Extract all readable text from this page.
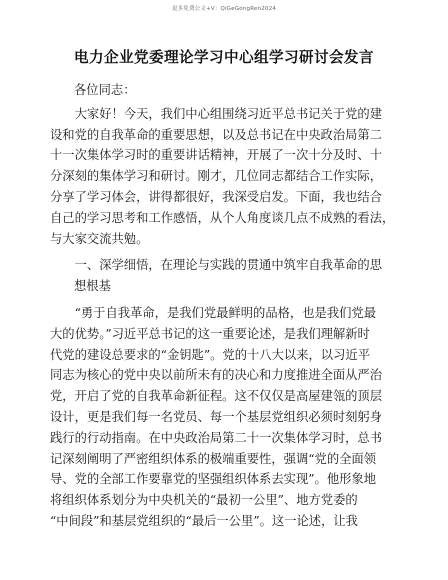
更多免费公文+V：QiGeGongRen2024
电力企业党委理论学习中心组学习研讨会发言
各位同志：
　　大家好！今天，我们中心组围绕习近平总书记关于党的建
设和党的自我革命的重要思想，以及总书记在中央政治局第二
十一次集体学习时的重要讲话精神，开展了一次十分及时、十
分深刻的集体学习和研讨。刚才，几位同志都结合工作实际，
分享了学习体会，讲得都很好，我深受启发。下面，我也结合
自己的学习思考和工作感悟，从个人角度谈几点不成熟的看法，
与大家交流共勉。
　　一、深学细悟，在理论与实践的贯通中筑牢自我革命的思
想根基
　　“勇于自我革命，是我们党最鲜明的品格，也是我们党最
大的优势。”习近平总书记的这一重要论述，是我们理解新时
代党的建设总要求的“金钥匙”。党的十八大以来，以习近平
同志为核心的党中央以前所未有的决心和力度推进全面从严治
党，开启了党的自我革命新征程。这不仅仅是高屋建瓴的顶层
设计，更是我们每一名党员、每一个基层党组织必须时刻躬身
践行的行动指南。在中央政治局第二十一次集体学习时，总书
记深刻阐明了严密组织体系的极端重要性，强调“党的全面领
导、党的全部工作要靠党的坚强组织体系去实现”。他形象地
将组织体系划分为中央机关的“最初一公里”、地方党委的
“中间段”和基层党组织的“最后一公里”。这一论述，让我
